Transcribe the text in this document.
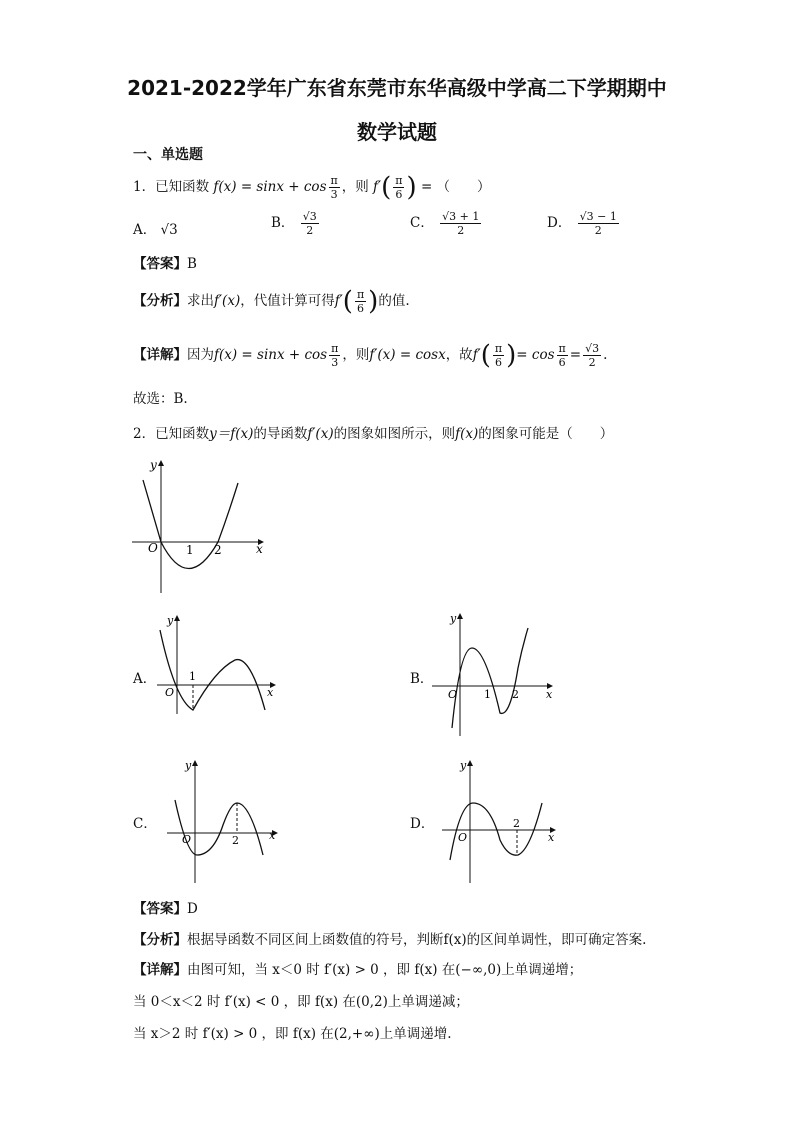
2021-2022学年广东省东莞市东华高级中学高二下学期期中
数学试题
一、单选题
1．已知函数 $f(x) = \sin x + \cos \frac{\pi}{3}$ ，则 $f'( \frac{\pi}{6}$ ) = （　　）
A． √3	B． $\frac{√3}{2}$	C． $\frac{√3 + 1}{2}$	D． $\frac{√3 - 1}{2}$
【答案】B
【分析】求出f′(x)，代值计算可得$f'( \frac{\pi}{6}$ )的值.
【详解】因为$f(x) = \sin x + \cos \frac{\pi}{3}$ ，则f′(x) = cosx，故$f'( \frac{\pi}{6}$ )= $\cos \frac{\pi}{6} = \frac{√3}{2}$ .
故选：B.
2．已知函数y＝f(x)的导函数f′(x)的图象如图所示，则f(x)的图象可能是（　　）
y
x
O 1 2
A．
y
x
O
1	B．
y
x
O 1 2
C．
y
x
O	2
D．
y
x
O
2
【答案】D
【分析】根据导函数不同区间上函数值的符号，判断f(x)的区间单调性，即可确定答案.
【详解】由图可知，当 x＜0 时 f′(x) > 0 ，即 f(x) 在(−∞,0)上单调递增；
当 0＜x＜2 时 f′(x) < 0 ，即 f(x) 在(0,2)上单调递减；
当 x＞2 时 f′(x) > 0 ，即 f(x) 在(2,+∞)上单调递增.
